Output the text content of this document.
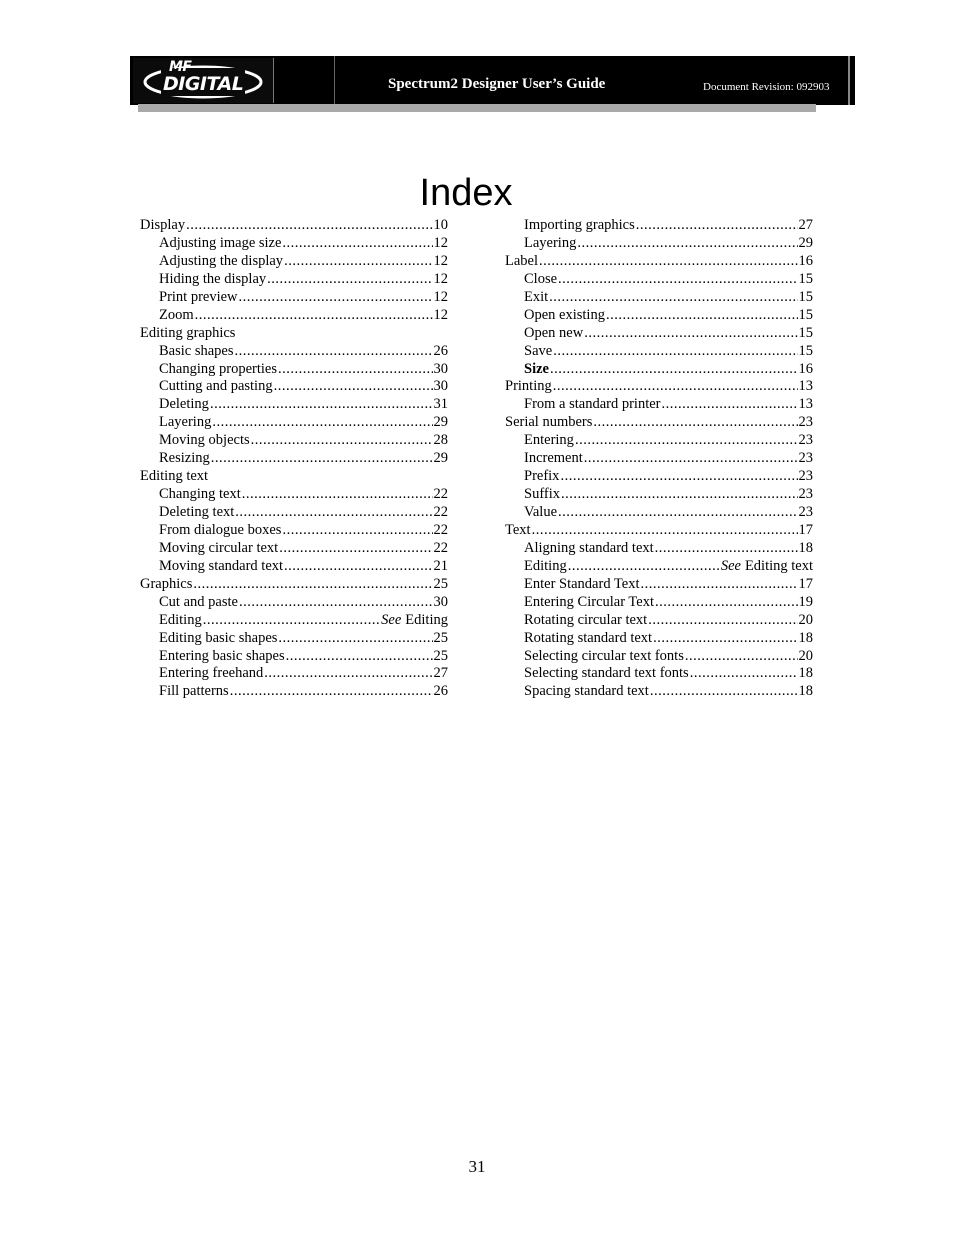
MF
DIGITAL	Spectrum2 Designer User’s Guide	Document Revision: 092903
Index
Display .....	10
Adjusting image size .....	12
Adjusting the display .....	12
Hiding the display .....	12
Print preview .....	12
Zoom .....	12
Editing graphics
Basic shapes .....	26
Changing properties .....	30
Cutting and pasting .....	30
Deleting .....	31
Layering .....	29
Moving objects .....	28
Resizing .....	29
Editing text
Changing text .....	22
Deleting text .....	22
From dialogue boxes .....	22
Moving circular text .....	22
Moving standard text .....	21
Graphics .....	25
Cut and paste .....	30
Editing .....	See Editing
Editing basic shapes .....	25
Entering basic shapes .....	25
Entering freehand .....	27
Fill patterns .....	26
Importing graphics .....	27
Layering .....	29
Label .....	16
Close .....	15
Exit .....	15
Open existing .....	15
Open new .....	15
Save .....	15
Size .....	16
Printing .....	13
From a standard printer .....	13
Serial numbers .....	23
Entering .....	23
Increment .....	23
Prefix .....	23
Suffix .....	23
Value .....	23
Text .....	17
Aligning standard text .....	18
Editing .....	See Editing text
Enter Standard Text .....	17
Entering Circular Text .....	19
Rotating circular text .....	20
Rotating standard text .....	18
Selecting circular text fonts .....	20
Selecting standard text fonts .....	18
Spacing standard text .....	18
31
